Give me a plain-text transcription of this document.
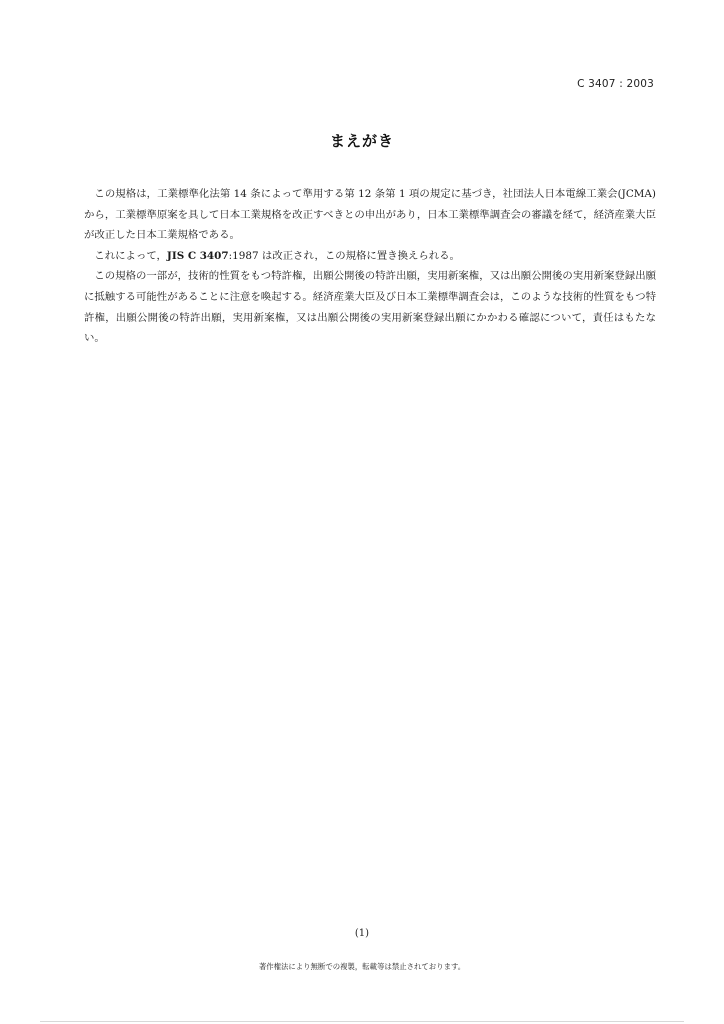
C 3407 : 2003
まえがき

この規格は，工業標準化法第 14 条によって準用する第 12 条第 1 項の規定に基づき，社団法人日本電線工業会(JCMA)から，工業標準原案を具して日本工業規格を改正すべきとの申出があり，日本工業標準調査会の審議を経て，経済産業大臣が改正した日本工業規格である。

これによって，JIS C 3407:1987 は改正され，この規格に置き換えられる。

この規格の一部が，技術的性質をもつ特許権，出願公開後の特許出願，実用新案権，又は出願公開後の実用新案登録出願に抵触する可能性があることに注意を喚起する。経済産業大臣及び日本工業標準調査会は，このような技術的性質をもつ特許権，出願公開後の特許出願，実用新案権，又は出願公開後の実用新案登録出願にかかわる確認について，責任はもたない。

(1)
著作権法により無断での複製，転載等は禁止されております。
